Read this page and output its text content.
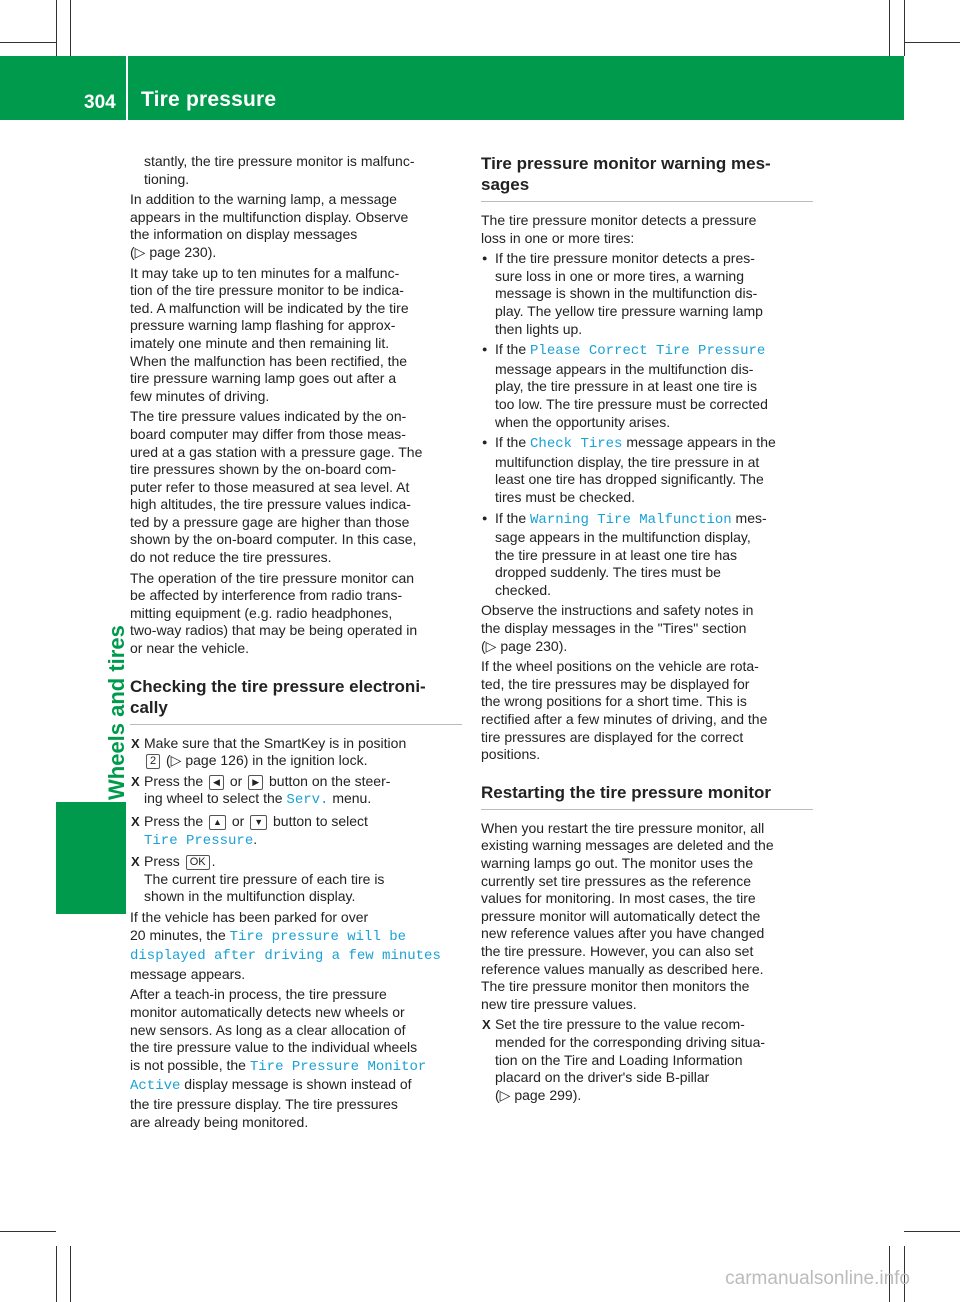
304 Tire pressure
Wheels and tires

stantly, the tire pressure monitor is malfunc-
tioning.

In addition to the warning lamp, a message
appears in the multifunction display. Observe
the information on display messages
(▷ page 230).

It may take up to ten minutes for a malfunc-
tion of the tire pressure monitor to be indica-
ted. A malfunction will be indicated by the tire
pressure warning lamp flashing for approx-
imately one minute and then remaining lit.
When the malfunction has been rectified, the
tire pressure warning lamp goes out after a
few minutes of driving.

The tire pressure values indicated by the on-
board computer may differ from those meas-
ured at a gas station with a pressure gage. The
tire pressures shown by the on-board com-
puter refer to those measured at sea level. At
high altitudes, the tire pressure values indica-
ted by a pressure gage are higher than those
shown by the on-board computer. In this case,
do not reduce the tire pressures.

The operation of the tire pressure monitor can
be affected by interference from radio trans-
mitting equipment (e.g. radio headphones,
two-way radios) that may be being operated in
or near the vehicle.

Checking the tire pressure electroni-
cally
X Make sure that the SmartKey is in position
2 (▷ page 126) in the ignition lock.
X Press the ◀ or ▶ button on the steer-
ing wheel to select the Serv. menu.
X Press the ▲ or ▼ button to select
Tire Pressure.
X Press OK .
The current tire pressure of each tire is
shown in the multifunction display.

If the vehicle has been parked for over
20 minutes, the Tire pressure will be
displayed after driving a few minutes
message appears.

After a teach-in process, the tire pressure
monitor automatically detects new wheels or
new sensors. As long as a clear allocation of
the tire pressure value to the individual wheels
is not possible, the Tire Pressure Monitor
Active display message is shown instead of
the tire pressure display. The tire pressures
are already being monitored.

Tire pressure monitor warning mes-
sages

The tire pressure monitor detects a pressure
loss in one or more tires:

● If the tire pressure monitor detects a pres-
sure loss in one or more tires, a warning
message is shown in the multifunction dis-
play. The yellow tire pressure warning lamp
then lights up.
● If the Please Correct Tire Pressure
message appears in the multifunction dis-
play, the tire pressure in at least one tire is
too low. The tire pressure must be corrected
when the opportunity arises.
● If the Check Tires message appears in the
multifunction display, the tire pressure in at
least one tire has dropped significantly. The
tires must be checked.
● If the Warning Tire Malfunction mes-
sage appears in the multifunction display,
the tire pressure in at least one tire has
dropped suddenly. The tires must be
checked.

Observe the instructions and safety notes in
the display messages in the "Tires" section
(▷ page 230).

If the wheel positions on the vehicle are rota-
ted, the tire pressures may be displayed for
the wrong positions for a short time. This is
rectified after a few minutes of driving, and the
tire pressures are displayed for the correct
positions.

Restarting the tire pressure monitor

When you restart the tire pressure monitor, all
existing warning messages are deleted and the
warning lamps go out. The monitor uses the
currently set tire pressures as the reference
values for monitoring. In most cases, the tire
pressure monitor will automatically detect the
new reference values after you have changed
the tire pressure. However, you can also set
reference values manually as described here.
The tire pressure monitor then monitors the
new tire pressure values.

X Set the tire pressure to the value recom-
mended for the corresponding driving situa-
tion on the Tire and Loading Information
placard on the driver's side B-pillar
(▷ page 299).
carmanualsonline.info
